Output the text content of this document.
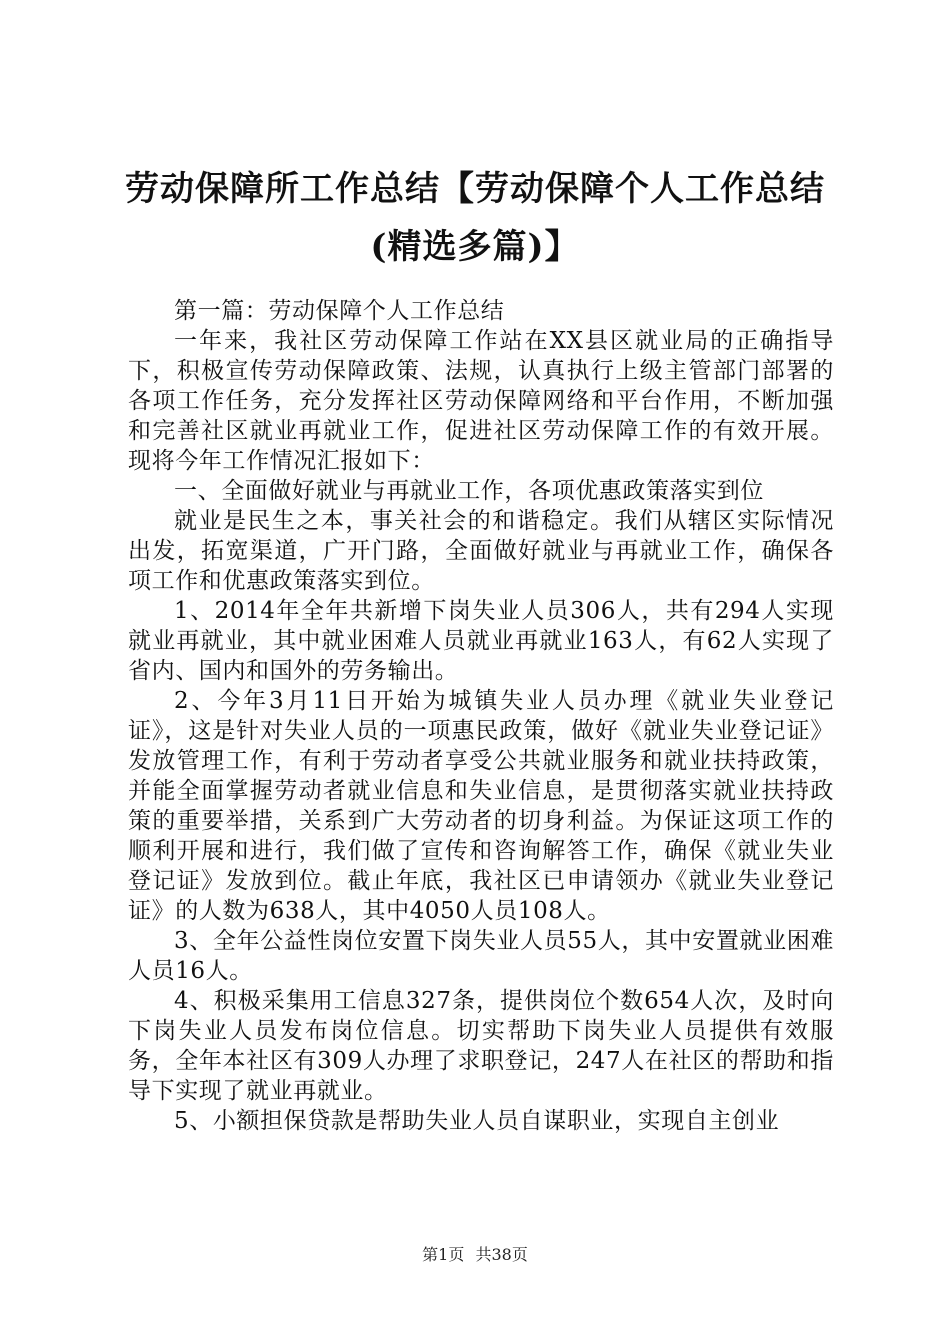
劳动保障所工作总结【劳动保障个人工作总结
(精选多篇)】

第一篇：劳动保障个人工作总结

一年来，我社区劳动保障工作站在XX县区就业局的正确指导下，积极宣传劳动保障政策、法规，认真执行上级主管部门部署的各项工作任务，充分发挥社区劳动保障网络和平台作用，不断加强和完善社区就业再就业工作，促进社区劳动保障工作的有效开展。现将今年工作情况汇报如下：

一、全面做好就业与再就业工作，各项优惠政策落实到位

就业是民生之本，事关社会的和谐稳定。我们从辖区实际情况出发，拓宽渠道，广开门路，全面做好就业与再就业工作，确保各项工作和优惠政策落实到位。

1、2014年全年共新增下岗失业人员306人，共有294人实现就业再就业，其中就业困难人员就业再就业163人，有62人实现了省内、国内和国外的劳务输出。

2、今年3月11日开始为城镇失业人员办理《就业失业登记证》，这是针对失业人员的一项惠民政策，做好《就业失业登记证》发放管理工作，有利于劳动者享受公共就业服务和就业扶持政策，并能全面掌握劳动者就业信息和失业信息，是贯彻落实就业扶持政策的重要举措，关系到广大劳动者的切身利益。为保证这项工作的顺利开展和进行，我们做了宣传和咨询解答工作，确保《就业失业登记证》发放到位。截止年底，我社区已申请领办《就业失业登记证》的人数为638人，其中4050人员108人。

3、全年公益性岗位安置下岗失业人员55人，其中安置就业困难人员16人。

4、积极采集用工信息327条，提供岗位个数654人次，及时向下岗失业人员发布岗位信息。切实帮助下岗失业人员提供有效服务，全年本社区有309人办理了求职登记，247人在社区的帮助和指导下实现了就业再就业。

5、小额担保贷款是帮助失业人员自谋职业，实现自主创业

第1页 共38页
